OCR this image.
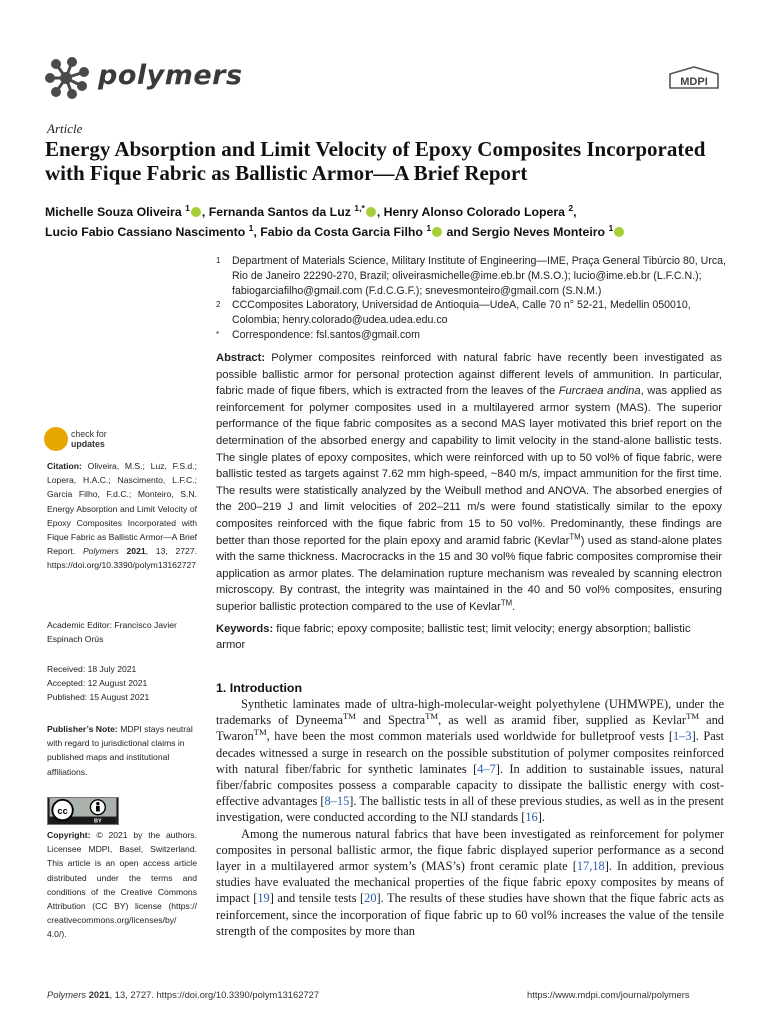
polymers	MDPI
Article
Energy Absorption and Limit Velocity of Epoxy Composites Incorporated with Fique Fabric as Ballistic Armor—A Brief Report
Michelle Souza Oliveira $^1$ , Fernanda Santos da Luz $^{1,*}$ , Henry Alonso Colorado Lopera $^2$,
Lucio Fabio Cassiano Nascimento $^1$, Fabio da Costa Garcia Filho $^1$ and Sergio Neves Monteiro $^1$
1	Department of Materials Science, Military Institute of Engineering—IME, Praça General Tibúrcio 80, Urca, Rio de Janeiro 22290-270, Brazil; oliveirasmichelle@ime.eb.br (M.S.O.); lucio@ime.eb.br (L.F.C.N.); fabiogarciafilho@gmail.com (F.d.C.G.F.); snevesmonteiro@gmail.com (S.N.M.)
2	CCComposites Laboratory, Universidad de Antioquia—UdeA, Calle 70 n° 52-21, Medellin 050010, Colombia; henry.colorado@udea.udea.edu.co
*	Correspondence: fsl.santos@gmail.com
Abstract: Polymer composites reinforced with natural fabric have recently been investigated as possible ballistic armor for personal protection against different levels of ammunition. In particular, fabric made of fique fibers, which is extracted from the leaves of the Furcraea andina, was applied as reinforcement for polymer composites used in a multilayered armor system (MAS). The superior performance of the fique fabric composites as a second MAS layer motivated this brief report on the determination of the absorbed energy and capability to limit velocity in the stand-alone ballistic tests. The single plates of epoxy composites, which were reinforced with up to 50 vol% of fique fabric, were ballistic tested as targets against 7.62 mm high-speed, ~840 m/s, impact ammunition for the first time. The results were statistically analyzed by the Weibull method and ANOVA. The absorbed energies of the 200–219 J and limit velocities of 202–211 m/s were found statistically similar to the epoxy composites reinforced with the fique fabric from 15 to 50 vol%. Predominantly, these findings are better than those reported for the plain epoxy and aramid fabric (Kevlar™) used as stand-alone plates with the same thickness. Macrocracks in the 15 and 30 vol% fique fabric composites compromise their application as armor plates. The delamination rupture mechanism was revealed by scanning electron microscopy. By contrast, the integrity was maintained in the 40 and 50 vol% composites, ensuring superior ballistic protection compared to the use of Kevlar™.
Keywords: fique fabric; epoxy composite; ballistic test; limit velocity; energy absorption; ballistic armor
check for
updates
Citation: Oliveira, M.S.; Luz, F.S.d.; Lopera, H.A.C.; Nascimento, L.F.C.; Garcia Filho, F.d.C.; Monteiro, S.N. Energy Absorption and Limit Velocity of Epoxy Composites Incorporated with Fique Fabric as Ballistic Armor—A Brief Report. Polymers 2021, 13, 2727. https://doi.org/10.3390/polym13162727
Academic Editor: Francisco Javier Espinach Orús
Received: 18 July 2021
Accepted: 12 August 2021
Published: 15 August 2021
Publisher’s Note: MDPI stays neutral with regard to jurisdictional claims in published maps and institutional affiliations.
cc
BY
Copyright: © 2021 by the authors. Licensee MDPI, Basel, Switzerland. This article is an open access article distributed under the terms and conditions of the Creative Commons Attribution (CC BY) license (https:// creativecommons.org/licenses/by/ 4.0/).
1. Introduction

Synthetic laminates made of ultra-high-molecular-weight polyethylene (UHMWPE), under the trademarks of Dyneema™ and Spectra™, as well as aramid fiber, supplied as Kevlar™ and Twaron™, have been the most common materials used worldwide for bulletproof vests [1–3]. Past decades witnessed a surge in research on the possible substitution of polymer composites reinforced with natural fiber/fabric for synthetic laminates [4–7]. In addition to sustainable issues, natural fiber/fabric composites possess a comparable capacity to dissipate the ballistic energy with cost-effective advantages [8–15]. The ballistic tests in all of these previous studies, as well as in the present investigation, were conducted according to the NIJ standards [16].

Among the numerous natural fabrics that have been investigated as reinforcement for polymer composites in personal ballistic armor, the fique fabric displayed superior performance as a second layer in a multilayered armor system’s (MAS’s) front ceramic plate [17,18]. In addition, previous studies have evaluated the mechanical properties of the fique fabric epoxy composites by means of impact [19] and tensile tests [20]. The results of these studies have shown that the fique fabric acts as reinforcement, since the incorporation of fique fabric up to 60 vol% increases the value of the tensile strength of the composites by more than

Polymers 2021, 13, 2727. https://doi.org/10.3390/polym13162727	https://www.mdpi.com/journal/polymers
